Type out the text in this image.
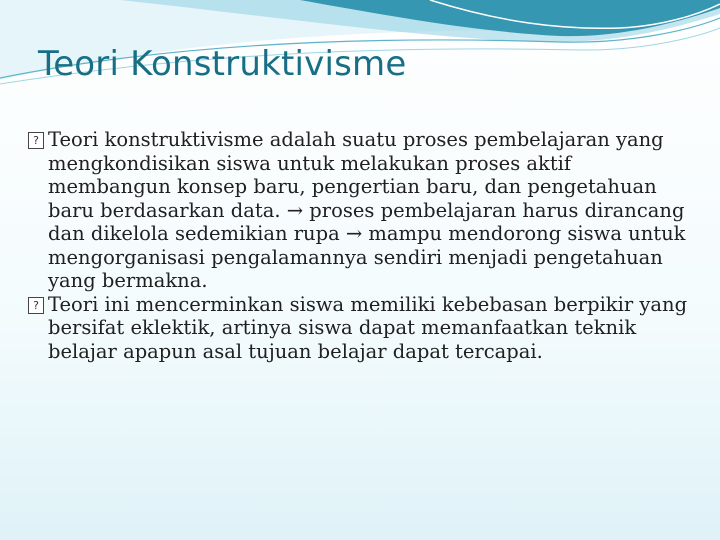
Teori Konstruktivisme

? Teori konstruktivisme adalah suatu proses pembelajaran yang mengkondisikan siswa untuk melakukan proses aktif membangun konsep baru, pengertian baru, dan pengetahuan baru berdasarkan data. → proses pembelajaran harus dirancang dan dikelola sedemikian rupa → mampu mendorong siswa untuk mengorganisasi pengalamannya sendiri menjadi pengetahuan yang bermakna.

? Teori ini mencerminkan siswa memiliki kebebasan berpikir yang bersifat eklektik, artinya siswa dapat memanfaatkan teknik belajar apapun asal tujuan belajar dapat tercapai.
